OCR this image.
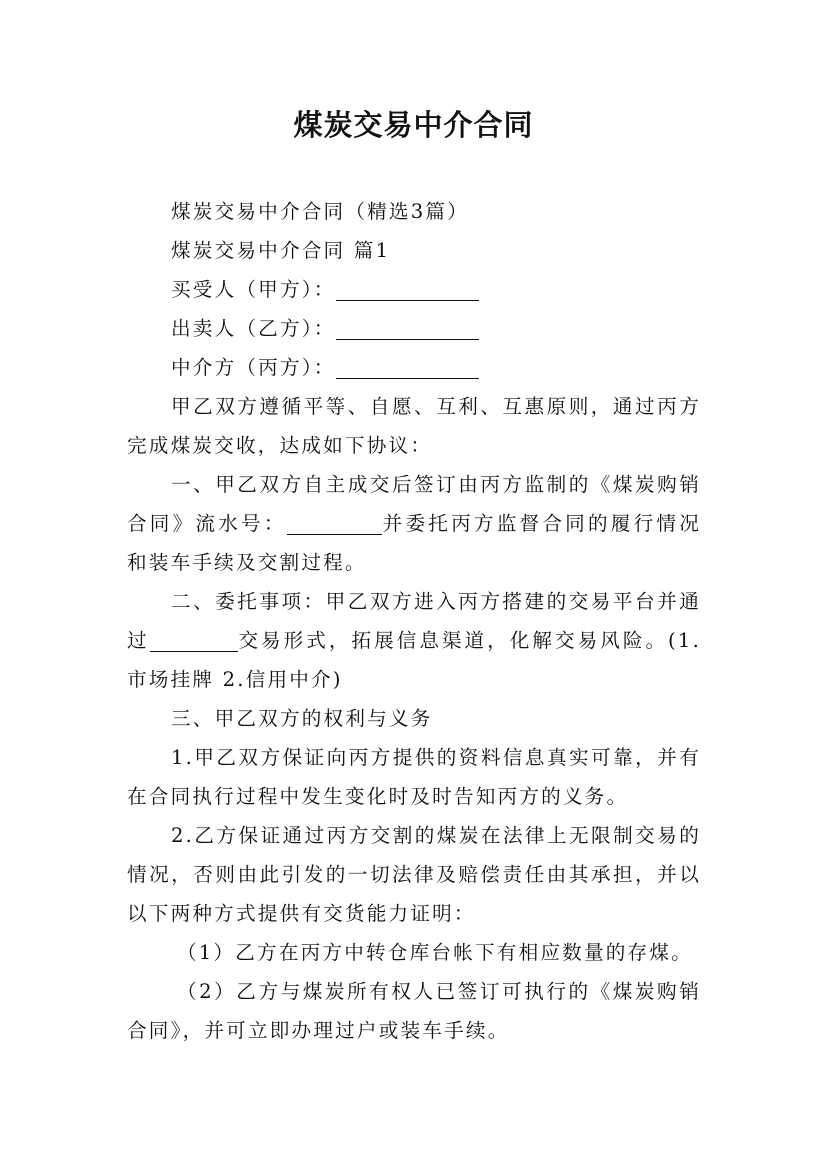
煤炭交易中介合同

煤炭交易中介合同（精选3篇）

煤炭交易中介合同 篇1

买受人（甲方）：

出卖人（乙方）：

中介方（丙方）：

甲乙双方遵循平等、自愿、互利、互惠原则，通过丙方完成煤炭交收，达成如下协议：

一、甲乙双方自主成交后签订由丙方监制的《煤炭购销合同》流水号：	并委托丙方监督合同的履行情况和装车手续及交割过程。

二、委托事项：甲乙双方进入丙方搭建的交易平台并通过	交易形式，拓展信息渠道，化解交易风险。(1.市场挂牌 2.信用中介)

三、甲乙双方的权利与义务

1.甲乙双方保证向丙方提供的资料信息真实可靠，并有在合同执行过程中发生变化时及时告知丙方的义务。

2.乙方保证通过丙方交割的煤炭在法律上无限制交易的情况，否则由此引发的一切法律及赔偿责任由其承担，并以以下两种方式提供有交货能力证明：

（1）乙方在丙方中转仓库台帐下有相应数量的存煤。

（2）乙方与煤炭所有权人已签订可执行的《煤炭购销合同》，并可立即办理过户或装车手续。
